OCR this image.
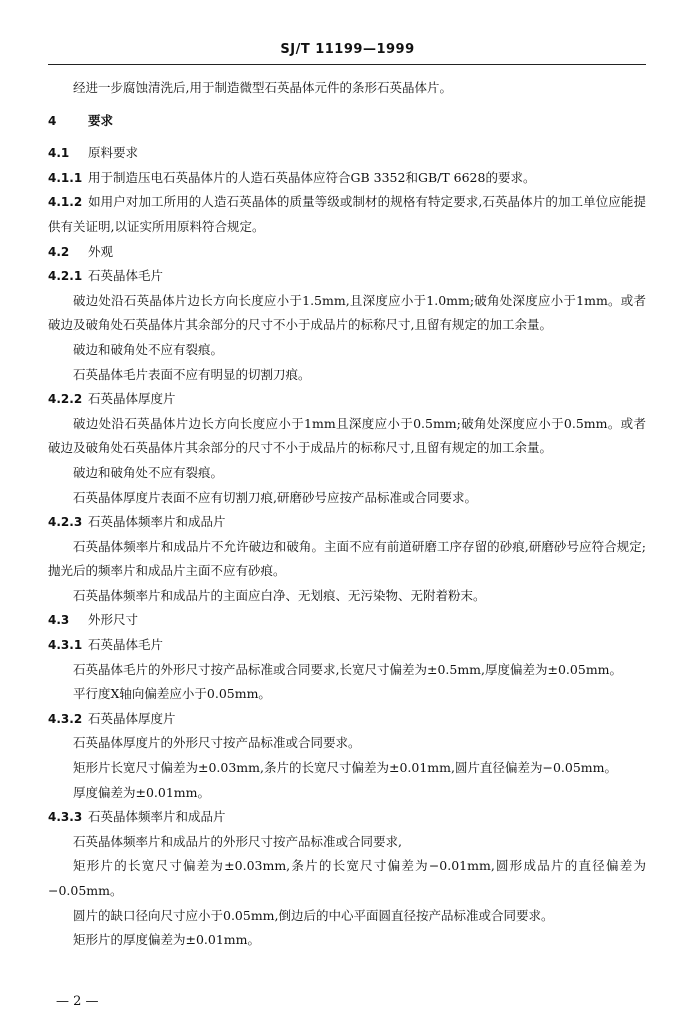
SJ/T 11199—1999

经进一步腐蚀清洗后,用于制造微型石英晶体元件的条形石英晶体片。

4	要求

4.1 原料要求

4.1.1 用于制造压电石英晶体片的人造石英晶体应符合GB 3352和GB/T 6628的要求。

4.1.2 如用户对加工所用的人造石英晶体的质量等级或制材的规格有特定要求,石英晶体片的加工单位应能提供有关证明,以证实所用原料符合规定。

4.2 外观

4.2.1 石英晶体毛片

破边处沿石英晶体片边长方向长度应小于1.5mm,且深度应小于1.0mm;破角处深度应小于1mm。或者破边及破角处石英晶体片其余部分的尺寸不小于成品片的标称尺寸,且留有规定的加工余量。

破边和破角处不应有裂痕。

石英晶体毛片表面不应有明显的切割刀痕。

4.2.2 石英晶体厚度片

破边处沿石英晶体片边长方向长度应小于1mm且深度应小于0.5mm;破角处深度应小于0.5mm。或者破边及破角处石英晶体片其余部分的尺寸不小于成品片的标称尺寸,且留有规定的加工余量。

破边和破角处不应有裂痕。

石英晶体厚度片表面不应有切割刀痕,研磨砂号应按产品标准或合同要求。

4.2.3 石英晶体频率片和成品片

石英晶体频率片和成品片不允许破边和破角。主面不应有前道研磨工序存留的砂痕,研磨砂号应符合规定;抛光后的频率片和成品片主面不应有砂痕。

石英晶体频率片和成品片的主面应白净、无划痕、无污染物、无附着粉末。

4.3 外形尺寸

4.3.1 石英晶体毛片

石英晶体毛片的外形尺寸按产品标准或合同要求,长宽尺寸偏差为±0.5mm,厚度偏差为±0.05mm。

平行度X轴向偏差应小于0.05mm。

4.3.2 石英晶体厚度片

石英晶体厚度片的外形尺寸按产品标准或合同要求。

矩形片长宽尺寸偏差为±0.03mm,条片的长宽尺寸偏差为±0.01mm,圆片直径偏差为−0.05mm。

厚度偏差为±0.01mm。

4.3.3 石英晶体频率片和成品片

石英晶体频率片和成品片的外形尺寸按产品标准或合同要求,

矩形片的长宽尺寸偏差为±0.03mm,条片的长宽尺寸偏差为−0.01mm,圆形成品片的直径偏差为−0.05mm。

圆片的缺口径向尺寸应小于0.05mm,倒边后的中心平面圆直径按产品标准或合同要求。

矩形片的厚度偏差为±0.01mm。

— 2 —
